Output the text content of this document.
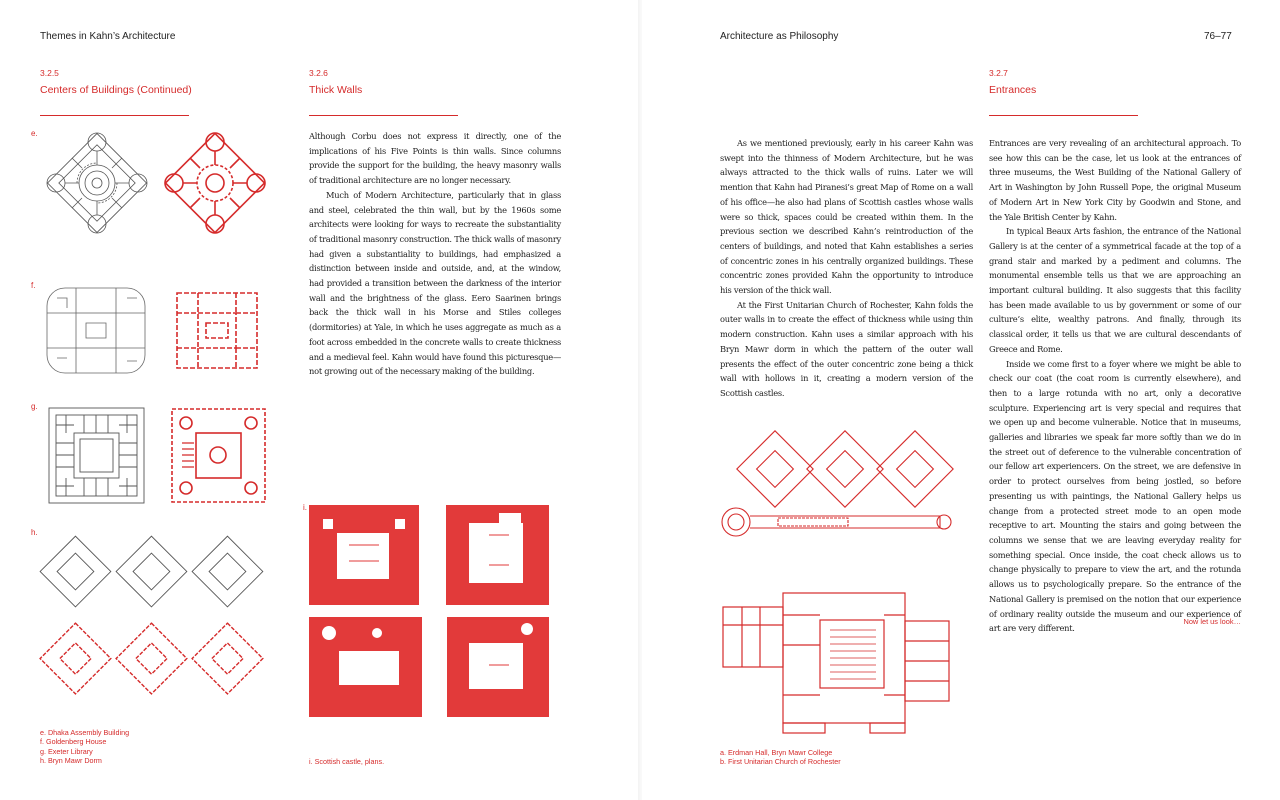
Themes in Kahn’s Architecture	Architecture as Philosophy	76–77
3.2.5
Centers of Buildings (Continued)
3.2.6
Thick Walls
3.2.7
Entrances
e.
f.
g.
h.
i.
e. Dhaka Assembly Building
f. Goldenberg House
g. Exeter Library
h. Bryn Mawr Dorm

Although Corbu does not express it directly, one of the implications of his Five Points is thin walls. Since columns provide the support for the building, the heavy masonry walls of traditional architecture are no longer necessary.

Much of Modern Architecture, particularly that in glass and steel, celebrated the thin wall, but by the 1960s some architects were looking for ways to recreate the substantiality of traditional masonry construction. The thick walls of masonry had given a substantiality to buildings, had emphasized a distinction between inside and outside, and, at the window, had provided a transition between the darkness of the interior wall and the brightness of the glass. Eero Saarinen brings back the thick wall in his Morse and Stiles colleges (dormitories) at Yale, in which he uses aggregate as much as a foot across embedded in the concrete walls to create thickness and a medieval feel. Kahn would have found this picturesque—not growing out of the necessary making of the building.

i. Scottish castle, plans.

As we mentioned previously, early in his career Kahn was swept into the thinness of Modern Architecture, but he was always attracted to the thick walls of ruins. Later we will mention that Kahn had Piranesi’s great Map of Rome on a wall of his office—he also had plans of Scottish castles whose walls were so thick, spaces could be created within them. In the previous section we described Kahn’s reintroduction of the centers of buildings, and noted that Kahn establishes a series of concentric zones in his centrally organized buildings. These concentric zones provided Kahn the opportunity to introduce his version of the thick wall.

At the First Unitarian Church of Rochester, Kahn folds the outer walls in to create the effect of thickness while using thin modern construction. Kahn uses a similar approach with his Bryn Mawr dorm in which the pattern of the outer wall presents the effect of the outer concentric zone being a thick wall with hollows in it, creating a modern version of the Scottish castles.

a. Erdman Hall, Bryn Mawr College
b. First Unitarian Church of Rochester

Entrances are very revealing of an architectural approach. To see how this can be the case, let us look at the entrances of three museums, the West Building of the National Gallery of Art in Washington by John Russell Pope, the original Museum of Modern Art in New York City by Goodwin and Stone, and the Yale British Center by Kahn.

In typical Beaux Arts fashion, the entrance of the National Gallery is at the center of a symmetrical facade at the top of a grand stair and marked by a pediment and columns. The monumental ensemble tells us that we are approaching an important cultural building. It also suggests that this facility has been made available to us by government or some of our culture’s elite, wealthy patrons. And finally, through its classical order, it tells us that we are cultural descendants of Greece and Rome.

Inside we come first to a foyer where we might be able to check our coat (the coat room is currently elsewhere), and then to a large rotunda with no art, only a decorative sculpture. Experiencing art is very special and requires that we open up and become vulnerable. Notice that in museums, galleries and libraries we speak far more softly than we do in the street out of deference to the vulnerable concentration of our fellow art experiencers. On the street, we are defensive in order to protect ourselves from being jostled, so before presenting us with paintings, the National Gallery helps us change from a protected street mode to an open mode receptive to art. Mounting the stairs and going between the columns we sense that we are leaving everyday reality for something special. Once inside, the coat check allows us to change physically to prepare to view the art, and the rotunda allows us to psychologically prepare. So the entrance of the National Gallery is premised on the notion that our experience of ordinary reality outside the museum and our experience of art are very different.

Now let us look…
